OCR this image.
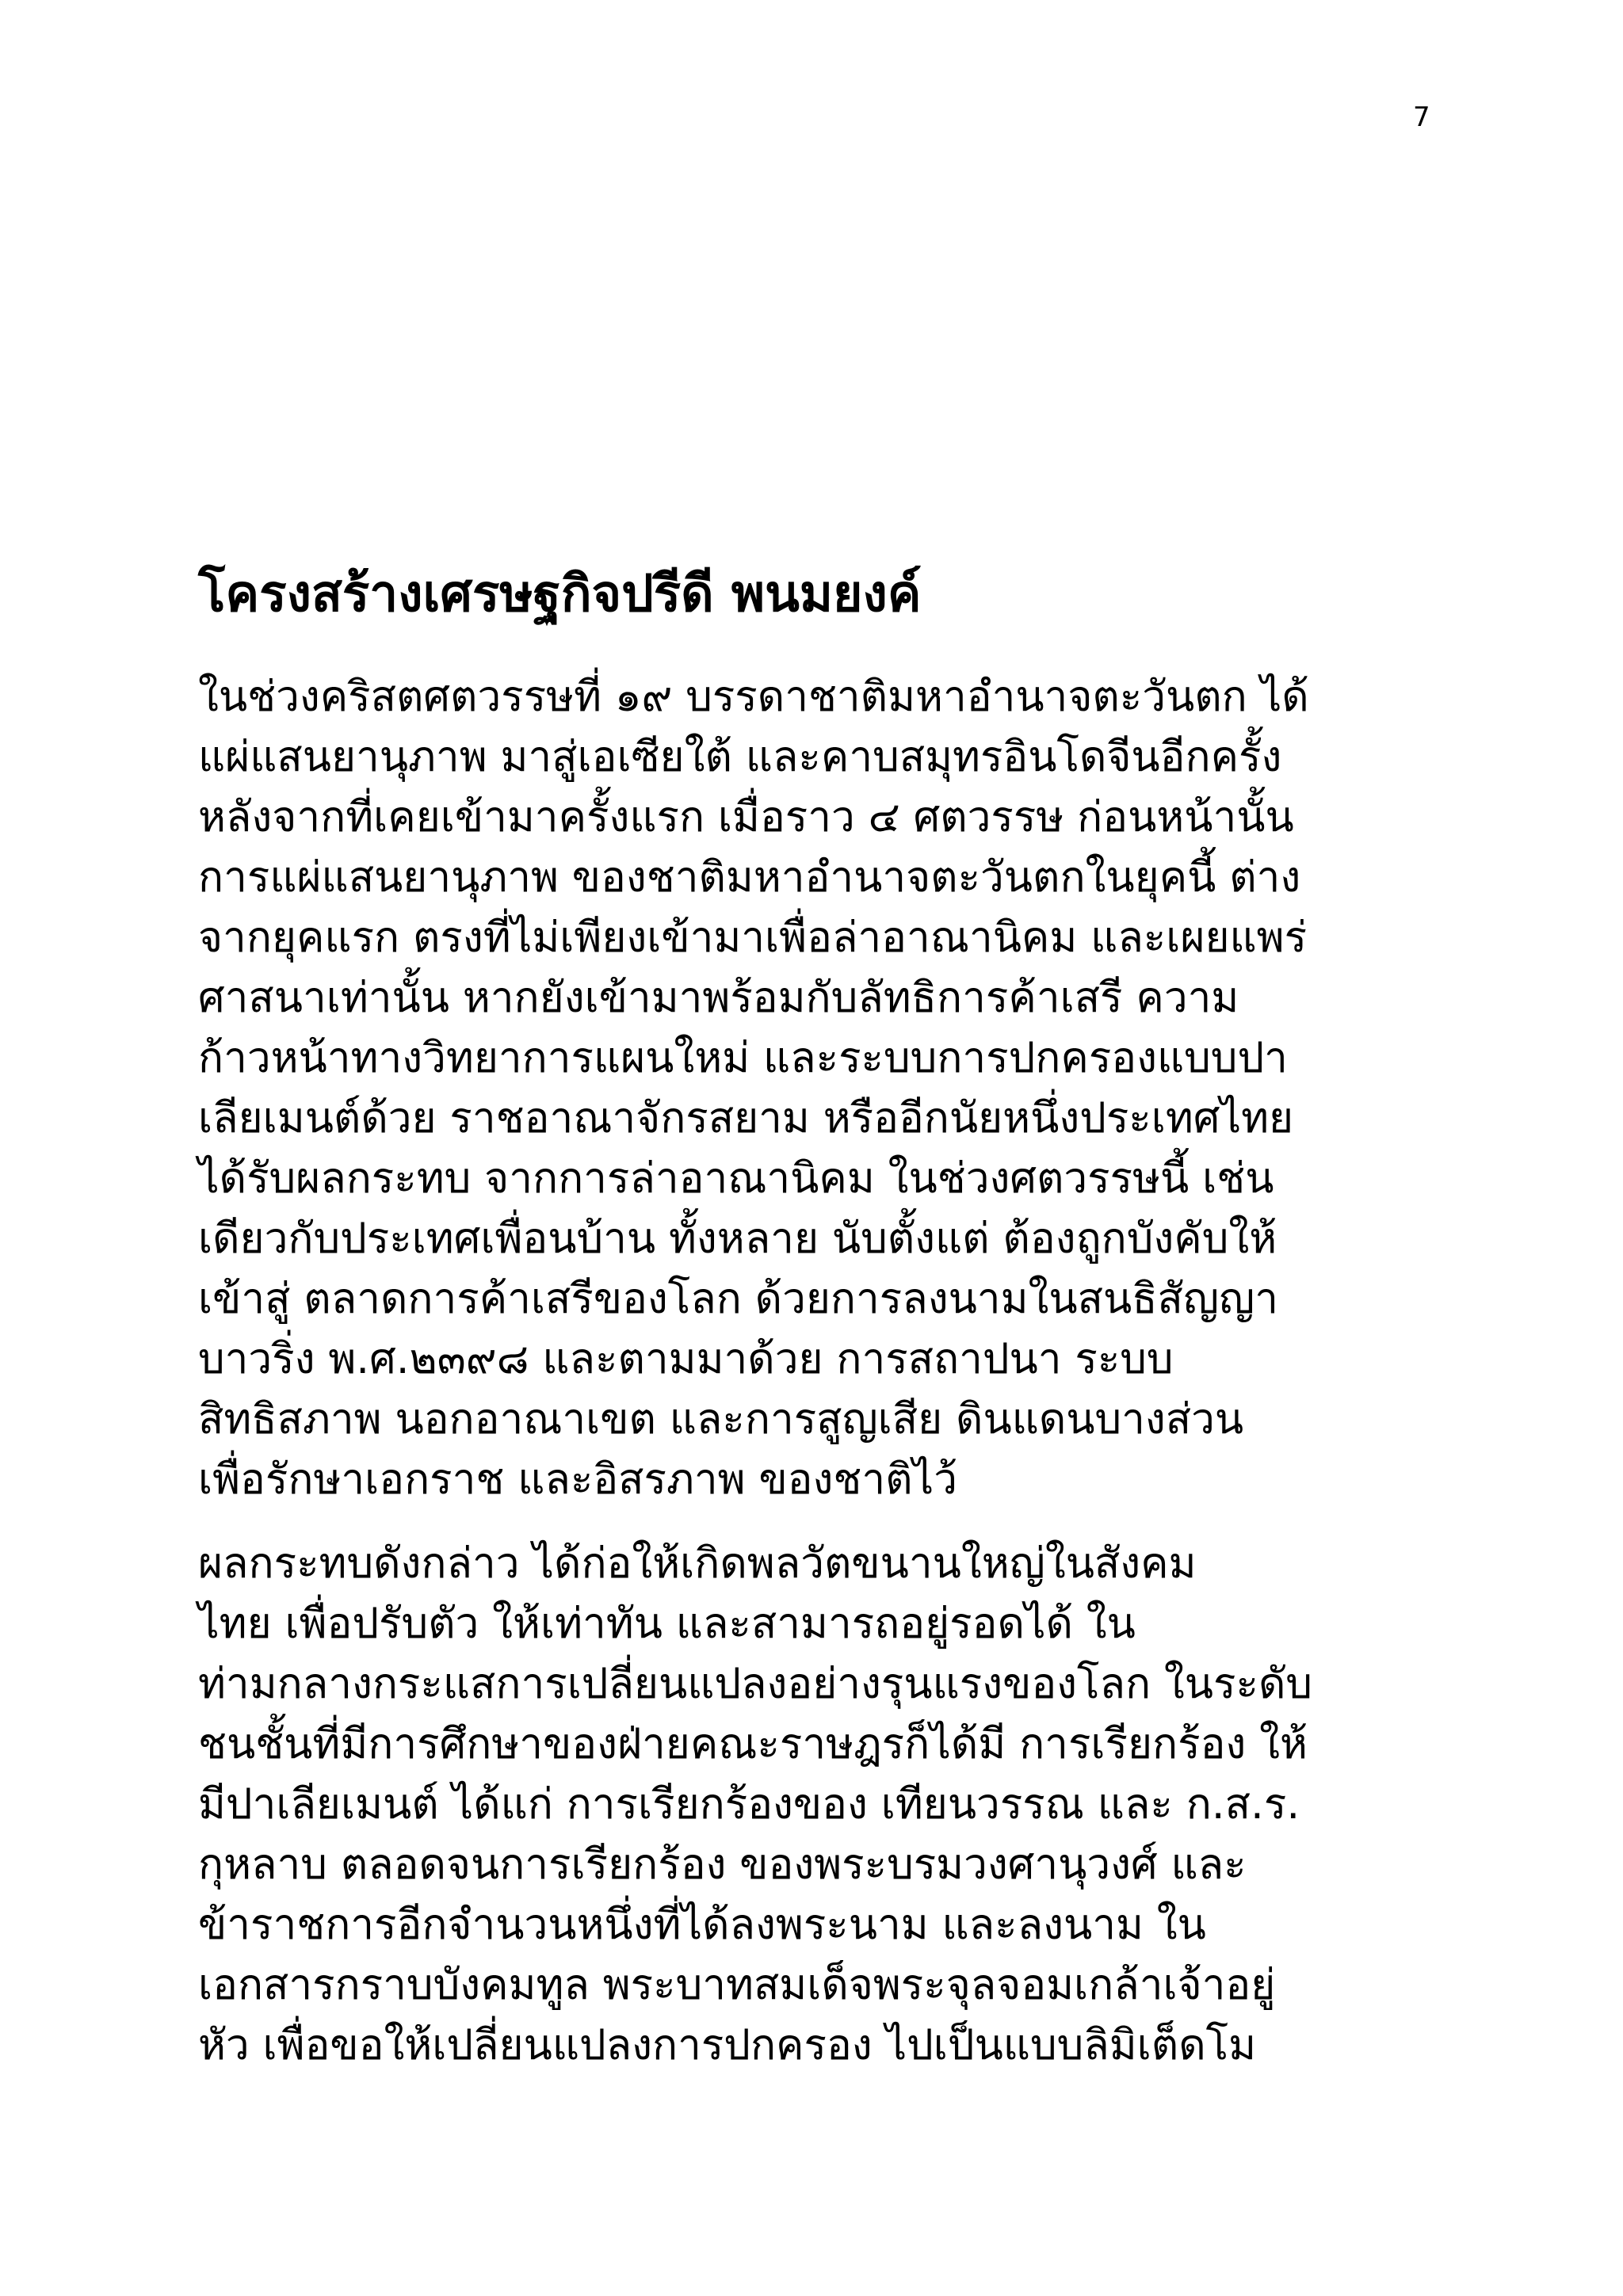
7
โครงสร้างเศรษฐกิจปรีดี พนมยงค์

ในช่วงคริสตศตวรรษที่ ๑๙ บรรดาชาติมหาอำนาจตะวันตก ได้
แผ่แสนยานุภาพ มาสู่เอเซียใต้ และคาบสมุทรอินโดจีนอีกครั้ง
หลังจากที่เคยเข้ามาครั้งแรก เมื่อราว ๔ ศตวรรษ ก่อนหน้านั้น
การแผ่แสนยานุภาพ ของชาติมหาอำนาจตะวันตกในยุคนี้ ต่าง
จากยุคแรก ตรงที่ไม่เพียงเข้ามาเพื่อล่าอาณานิคม และเผยแพร่
ศาสนาเท่านั้น หากยังเข้ามาพร้อมกับลัทธิการค้าเสรี ความ
ก้าวหน้าทางวิทยาการแผนใหม่ และระบบการปกครองแบบปา
เลียเมนต์ด้วย ราชอาณาจักรสยาม หรืออีกนัยหนึ่งประเทศไทย
ได้รับผลกระทบ จากการล่าอาณานิคม ในช่วงศตวรรษนี้ เช่น
เดียวกับประเทศเพื่อนบ้าน ทั้งหลาย นับตั้งแต่ ต้องถูกบังคับให้
เข้าสู่ ตลาดการค้าเสรีของโลก ด้วยการลงนามในสนธิสัญญา
บาวริ่ง พ.ศ.๒๓๙๘ และตามมาด้วย การสถาปนา ระบบ
สิทธิสภาพ นอกอาณาเขต และการสูญเสีย ดินแดนบางส่วน
เพื่อรักษาเอกราช และอิสรภาพ ของชาติไว้

ผลกระทบดังกล่าว ได้ก่อให้เกิดพลวัตขนานใหญ่ในสังคม
ไทย เพื่อปรับตัว ให้เท่าทัน และสามารถอยู่รอดได้ ใน
ท่ามกลางกระแสการเปลี่ยนแปลงอย่างรุนแรงของโลก ในระดับ
ชนชั้นที่มีการศึกษาของฝ่ายคณะราษฎรก็ได้มี การเรียกร้อง ให้
มีปาเลียเมนต์ ได้แก่ การเรียกร้องของ เทียนวรรณ และ ก.ส.ร.
กุหลาบ ตลอดจนการเรียกร้อง ของพระบรมวงศานุวงศ์ และ
ข้าราชการอีกจำนวนหนึ่งที่ได้ลงพระนาม และลงนาม ใน
เอกสารกราบบังคมทูล พระบาทสมเด็จพระจุลจอมเกล้าเจ้าอยู่
หัว เพื่อขอให้เปลี่ยนแปลงการปกครอง ไปเป็นแบบลิมิเต็ดโม
